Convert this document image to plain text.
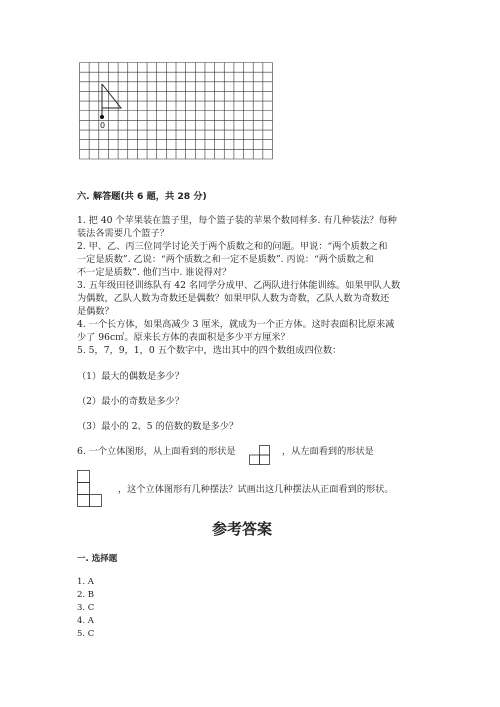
0
六. 解答题(共 6 题，共 28 分)
1. 把 40 个苹果装在篮子里，每个篮子装的苹果个数同样多. 有几种装法？每种
装法各需要几个篮子？
2. 甲、乙、丙三位同学讨论关于两个质数之和的问题。甲说：“两个质数之和
一定是质数”. 乙说：“两个质数之和一定不是质数”. 丙说：“两个质数之和
不一定是质数”. 他们当中. 谁说得对？
3. 五年级田径训练队有 42 名同学分成甲、乙两队进行体能训练。如果甲队人数
为偶数，乙队人数为奇数还是偶数？如果甲队人数为奇数，乙队人数为奇数还
是偶数？
4. 一个长方体，如果高减少 3 厘米，就成为一个正方体。这时表面积比原来减
少了 96c㎡。原来长方体的表面积是多少平方厘米？
5. 5，7，9，1，0 五个数字中，选出其中的四个数组成四位数：
（1）最大的偶数是多少？
（2）最小的奇数是多少？
（3）最小的 2、5 的倍数的数是多少？
6. 一个立体图形，从上面看到的形状是	，从左面看到的形状是
，这个立体图形有几种摆法？试画出这几种摆法从正面看到的形状。
参考答案
一. 选择题
1. A
2. B
3. C
4. A
5. C
